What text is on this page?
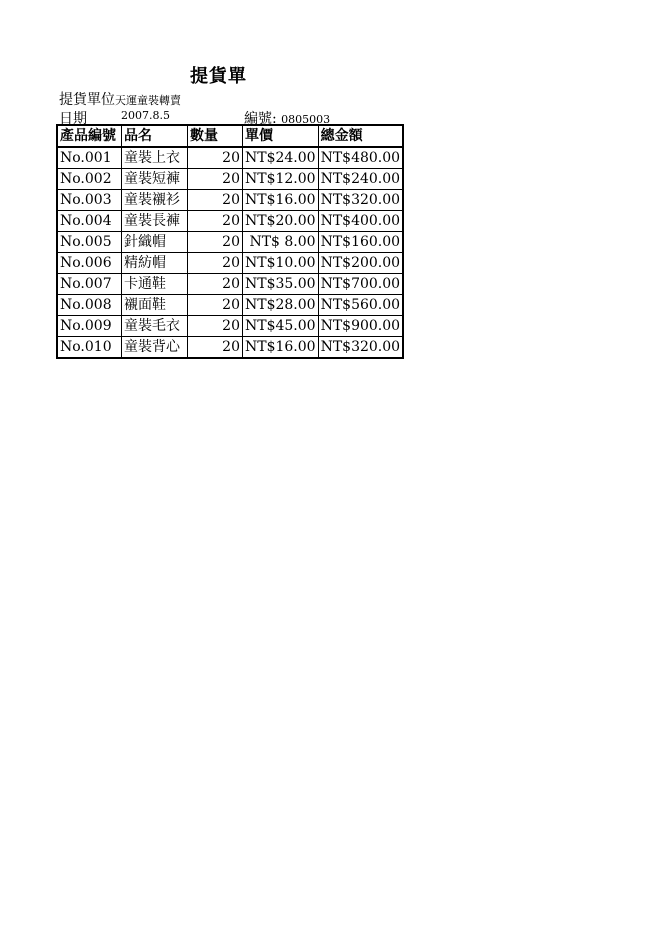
提貨單
提貨單位天運童裝轉賣
日期	2007.8.5	編號: 0805003
產品編號	品名	數量	單價	總金額
No.001	童裝上衣	20	NT$24.00	NT$480.00
No.002	童裝短褲	20	NT$12.00	NT$240.00
No.003	童裝襯衫	20	NT$16.00	NT$320.00
No.004	童裝長褲	20	NT$20.00	NT$400.00
No.005	針織帽	20	NT$ 8.00	NT$160.00
No.006	精紡帽	20	NT$10.00	NT$200.00
No.007	卡通鞋	20	NT$35.00	NT$700.00
No.008	襯面鞋	20	NT$28.00	NT$560.00
No.009	童裝毛衣	20	NT$45.00	NT$900.00
No.010	童裝背心	20	NT$16.00	NT$320.00
